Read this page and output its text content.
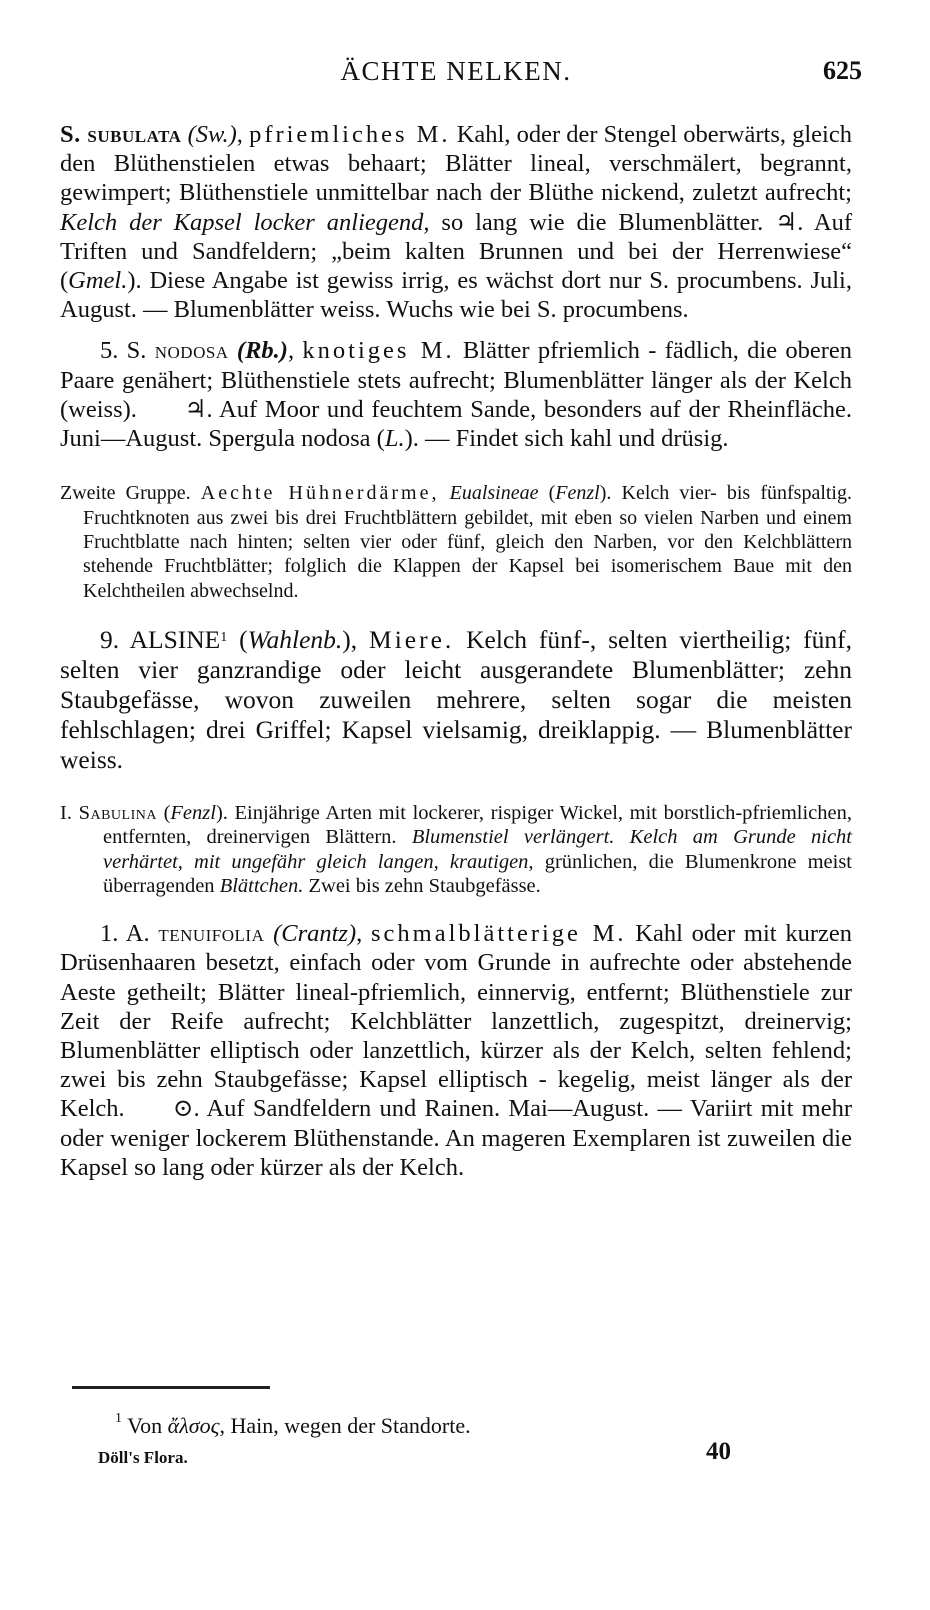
ÄCHTE NELKEN.	625

S. subulata (Sw.), pfriemliches M. Kahl, oder der Stengel oberwärts, gleich den Blüthenstielen etwas behaart; Blätter lineal, verschmälert, begrannt, gewimpert; Blüthenstiele unmittelbar nach der Blüthe nickend, zuletzt aufrecht; Kelch der Kapsel locker anliegend, so lang wie die Blumenblätter. ♃. Auf Triften und Sandfeldern; „beim kalten Brunnen und bei der Herrenwiese“ (Gmel.). Diese Angabe ist gewiss irrig, es wächst dort nur S. procumbens. Juli, August. — Blumenblätter weiss. Wuchs wie bei S. procumbens.

5. S. nodosa (Rb.), knotiges M. Blätter pfriemlich - fädlich, die oberen Paare genähert; Blüthenstiele stets aufrecht; Blumenblätter länger als der Kelch (weiss). ♃. Auf Moor und feuchtem Sande, besonders auf der Rheinfläche. Juni—August. Spergula nodosa (L.). — Findet sich kahl und drüsig.

Zweite Gruppe. Aechte Hühnerdärme, Eualsineae (Fenzl). Kelch vier- bis fünfspaltig. Fruchtknoten aus zwei bis drei Fruchtblättern gebildet, mit eben so vielen Narben und einem Fruchtblatte nach hinten; selten vier oder fünf, gleich den Narben, vor den Kelchblättern stehende Fruchtblätter; folglich die Klappen der Kapsel bei isomerischem Baue mit den Kelchtheilen abwechselnd.

9. ALSINE$^1$ (Wahlenb.), Miere. Kelch fünf-, selten viertheilig; fünf, selten vier ganzrandige oder leicht ausgerandete Blumenblätter; zehn Staubgefässe, wovon zuweilen mehrere, selten sogar die meisten fehlschlagen; drei Griffel; Kapsel vielsamig, dreiklappig. — Blumenblätter weiss.

I. Sabulina (Fenzl). Einjährige Arten mit lockerer, rispiger Wickel, mit borstlich-pfriemlichen, entfernten, dreinervigen Blättern. Blumenstiel verlängert. Kelch am Grunde nicht verhärtet, mit ungefähr gleich langen, krautigen, grünlichen, die Blumenkrone meist überragenden Blättchen. Zwei bis zehn Staubgefässe.

1. A. tenuifolia (Crantz), schmalblätterige M. Kahl oder mit kurzen Drüsenhaaren besetzt, einfach oder vom Grunde in aufrechte oder abstehende Aeste getheilt; Blätter lineal-pfriemlich, einnervig, entfernt; Blüthenstiele zur Zeit der Reife aufrecht; Kelchblätter lanzettlich, zugespitzt, dreinervig; Blumenblätter elliptisch oder lanzettlich, kürzer als der Kelch, selten fehlend; zwei bis zehn Staubgefässe; Kapsel elliptisch - kegelig, meist länger als der Kelch. ⊙. Auf Sandfeldern und Rainen. Mai—August. — Variirt mit mehr oder weniger lockerem Blüthenstande. An mageren Exemplaren ist zuweilen die Kapsel so lang oder kürzer als der Kelch.

$^1$ Von ἄλσος, Hain, wegen der Standorte.
Döll's Flora.	40
